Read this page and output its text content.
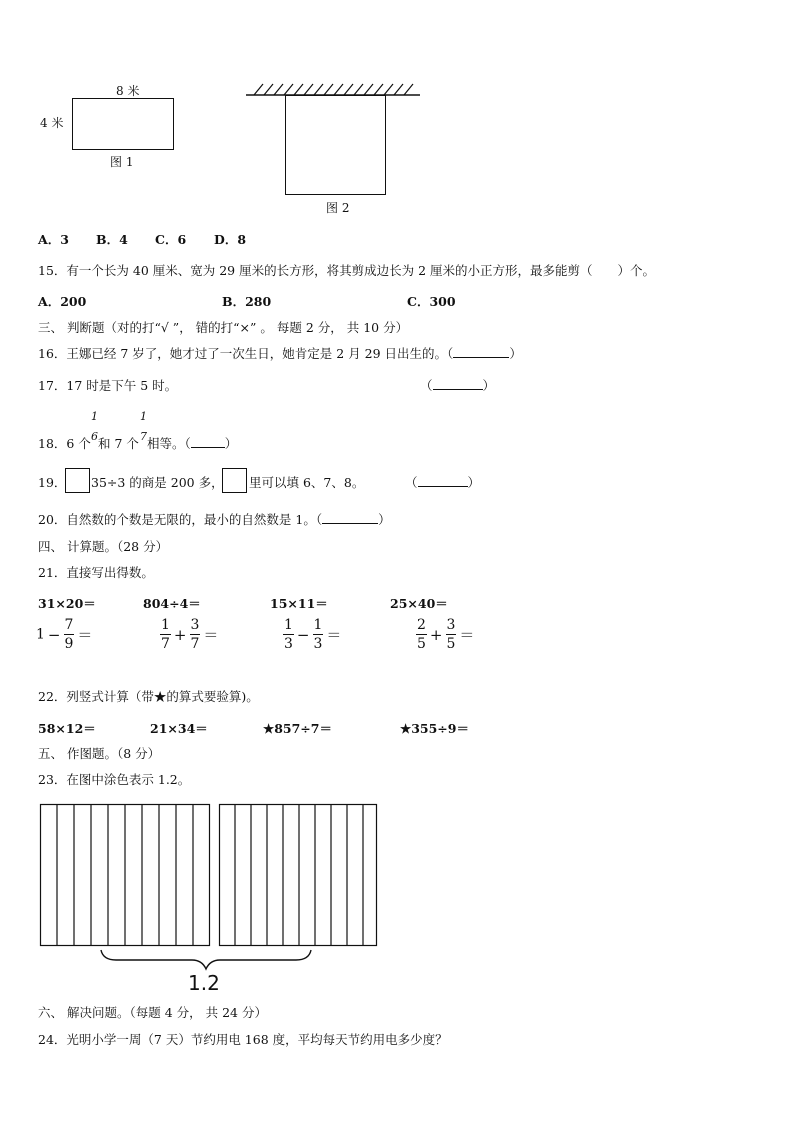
8 米
4 米
图 1
图 2
A．3 B．4 C．6 D．8
15．有一个长为 40 厘米、宽为 29 厘米的长方形，将其剪成边长为 2 厘米的小正方形，最多能剪（　　）个。
A．200	B．280	C．300
三、 判断题（对的打“√ ”， 错的打“×” 。 每题 2 分， 共 10 分）
16．王娜已经 7 岁了，她才过了一次生日，她肯定是 2 月 29 日出生的。（	）
17．17 时是下午 5 时。	（	）
1
6
1
7
18．6 个 和 7 个 相等。（	）
19． 35÷3 的商是 200 多， 里可以填 6、7、8。	（	）
20．自然数的个数是无限的，最小的自然数是 1。（	）
四、 计算题。（28 分）
21．直接写出得数。
31×20＝	804÷4＝	15×11＝	25×40＝
$1 - \frac{7}{9}$ ＝	$\frac{1}{7} + \frac{3}{7}$ ＝	$\frac{1}{3} - \frac{1}{3}$ ＝	$\frac{2}{5} + \frac{3}{5}$ ＝
22．列竖式计算（带★的算式要验算)。
58×12＝	21×34＝	★857÷7＝	★355÷9＝
五、 作图题。（8 分）
23．在图中涂色表示 1.2。
1.2
六、 解决问题。（每题 4 分， 共 24 分）
24．光明小学一周（7 天）节约用电 168 度，平均每天节约用电多少度？
